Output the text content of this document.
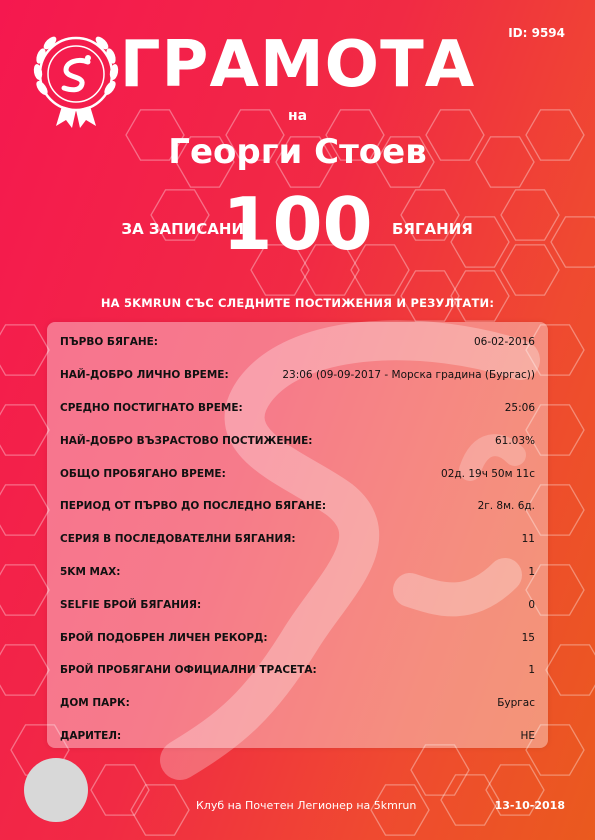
ID: 9594
ГРАМОТА
на
Георги Стоев
ЗА ЗАПИСАНИ
100	БЯГАНИЯ
НА 5KMRUN СЪС СЛЕДНИТЕ ПОСТИЖЕНИЯ И РЕЗУЛТАТИ:
ПЪРВО БЯГАНЕ:	06-02-2016
НАЙ-ДОБРО ЛИЧНО ВРЕМЕ:	23:06 (09-09-2017 - Морска градина (Бургас))
СРЕДНО ПОСТИГНАТО ВРЕМЕ:	25:06
НАЙ-ДОБРО ВЪЗРАСТОВО ПОСТИЖЕНИЕ:	61.03%
ОБЩО ПРОБЯГАНО ВРЕМЕ:	02д. 19ч 50м 11с
ПЕРИОД ОТ ПЪРВО ДО ПОСЛЕДНО БЯГАНЕ:	2г. 8м. 6д.
СЕРИЯ В ПОСЛЕДОВАТЕЛНИ БЯГАНИЯ:	11
5KM MAX:	1
SELFIE БРОЙ БЯГАНИЯ:	0
БРОЙ ПОДОБРЕН ЛИЧЕН РЕКОРД:	15
БРОЙ ПРОБЯГАНИ ОФИЦИАЛНИ ТРАСЕТА:	1
ДОМ ПАРК:	Бургас
ДАРИТЕЛ:	НЕ
Клуб на Почетен Легионер на 5kmrun	13-10-2018
